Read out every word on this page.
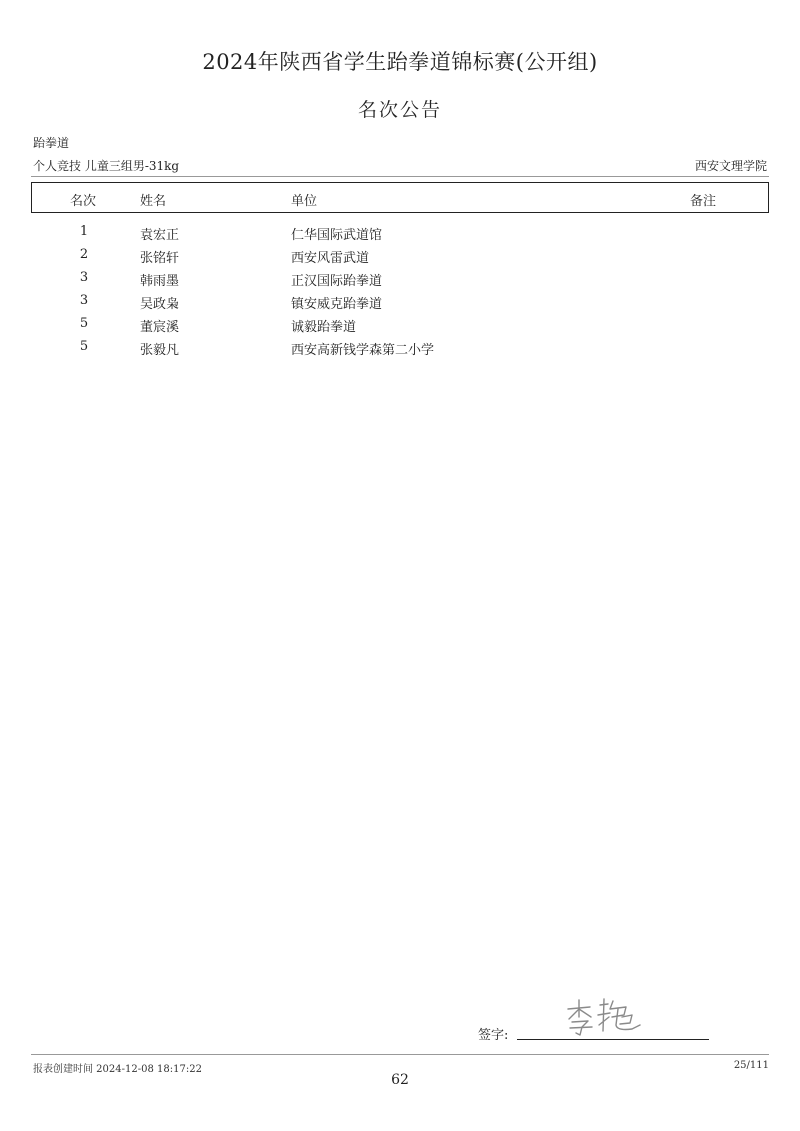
2024年陕西省学生跆拳道锦标赛(公开组)
名次公告
跆拳道
个人竞技 儿童三组男-31kg	西安文理学院
名次	姓名	单位	备注
1	袁宏正	仁华国际武道馆
2	张铭轩	西安风雷武道
3	韩雨墨	正汉国际跆拳道
3	吴政枭	镇安威克跆拳道
5	董宸溪	诚毅跆拳道
5	张毅凡	西安高新钱学森第二小学
签字:
报表创建时间 2024-12-08 18:17:22	25/111
62
